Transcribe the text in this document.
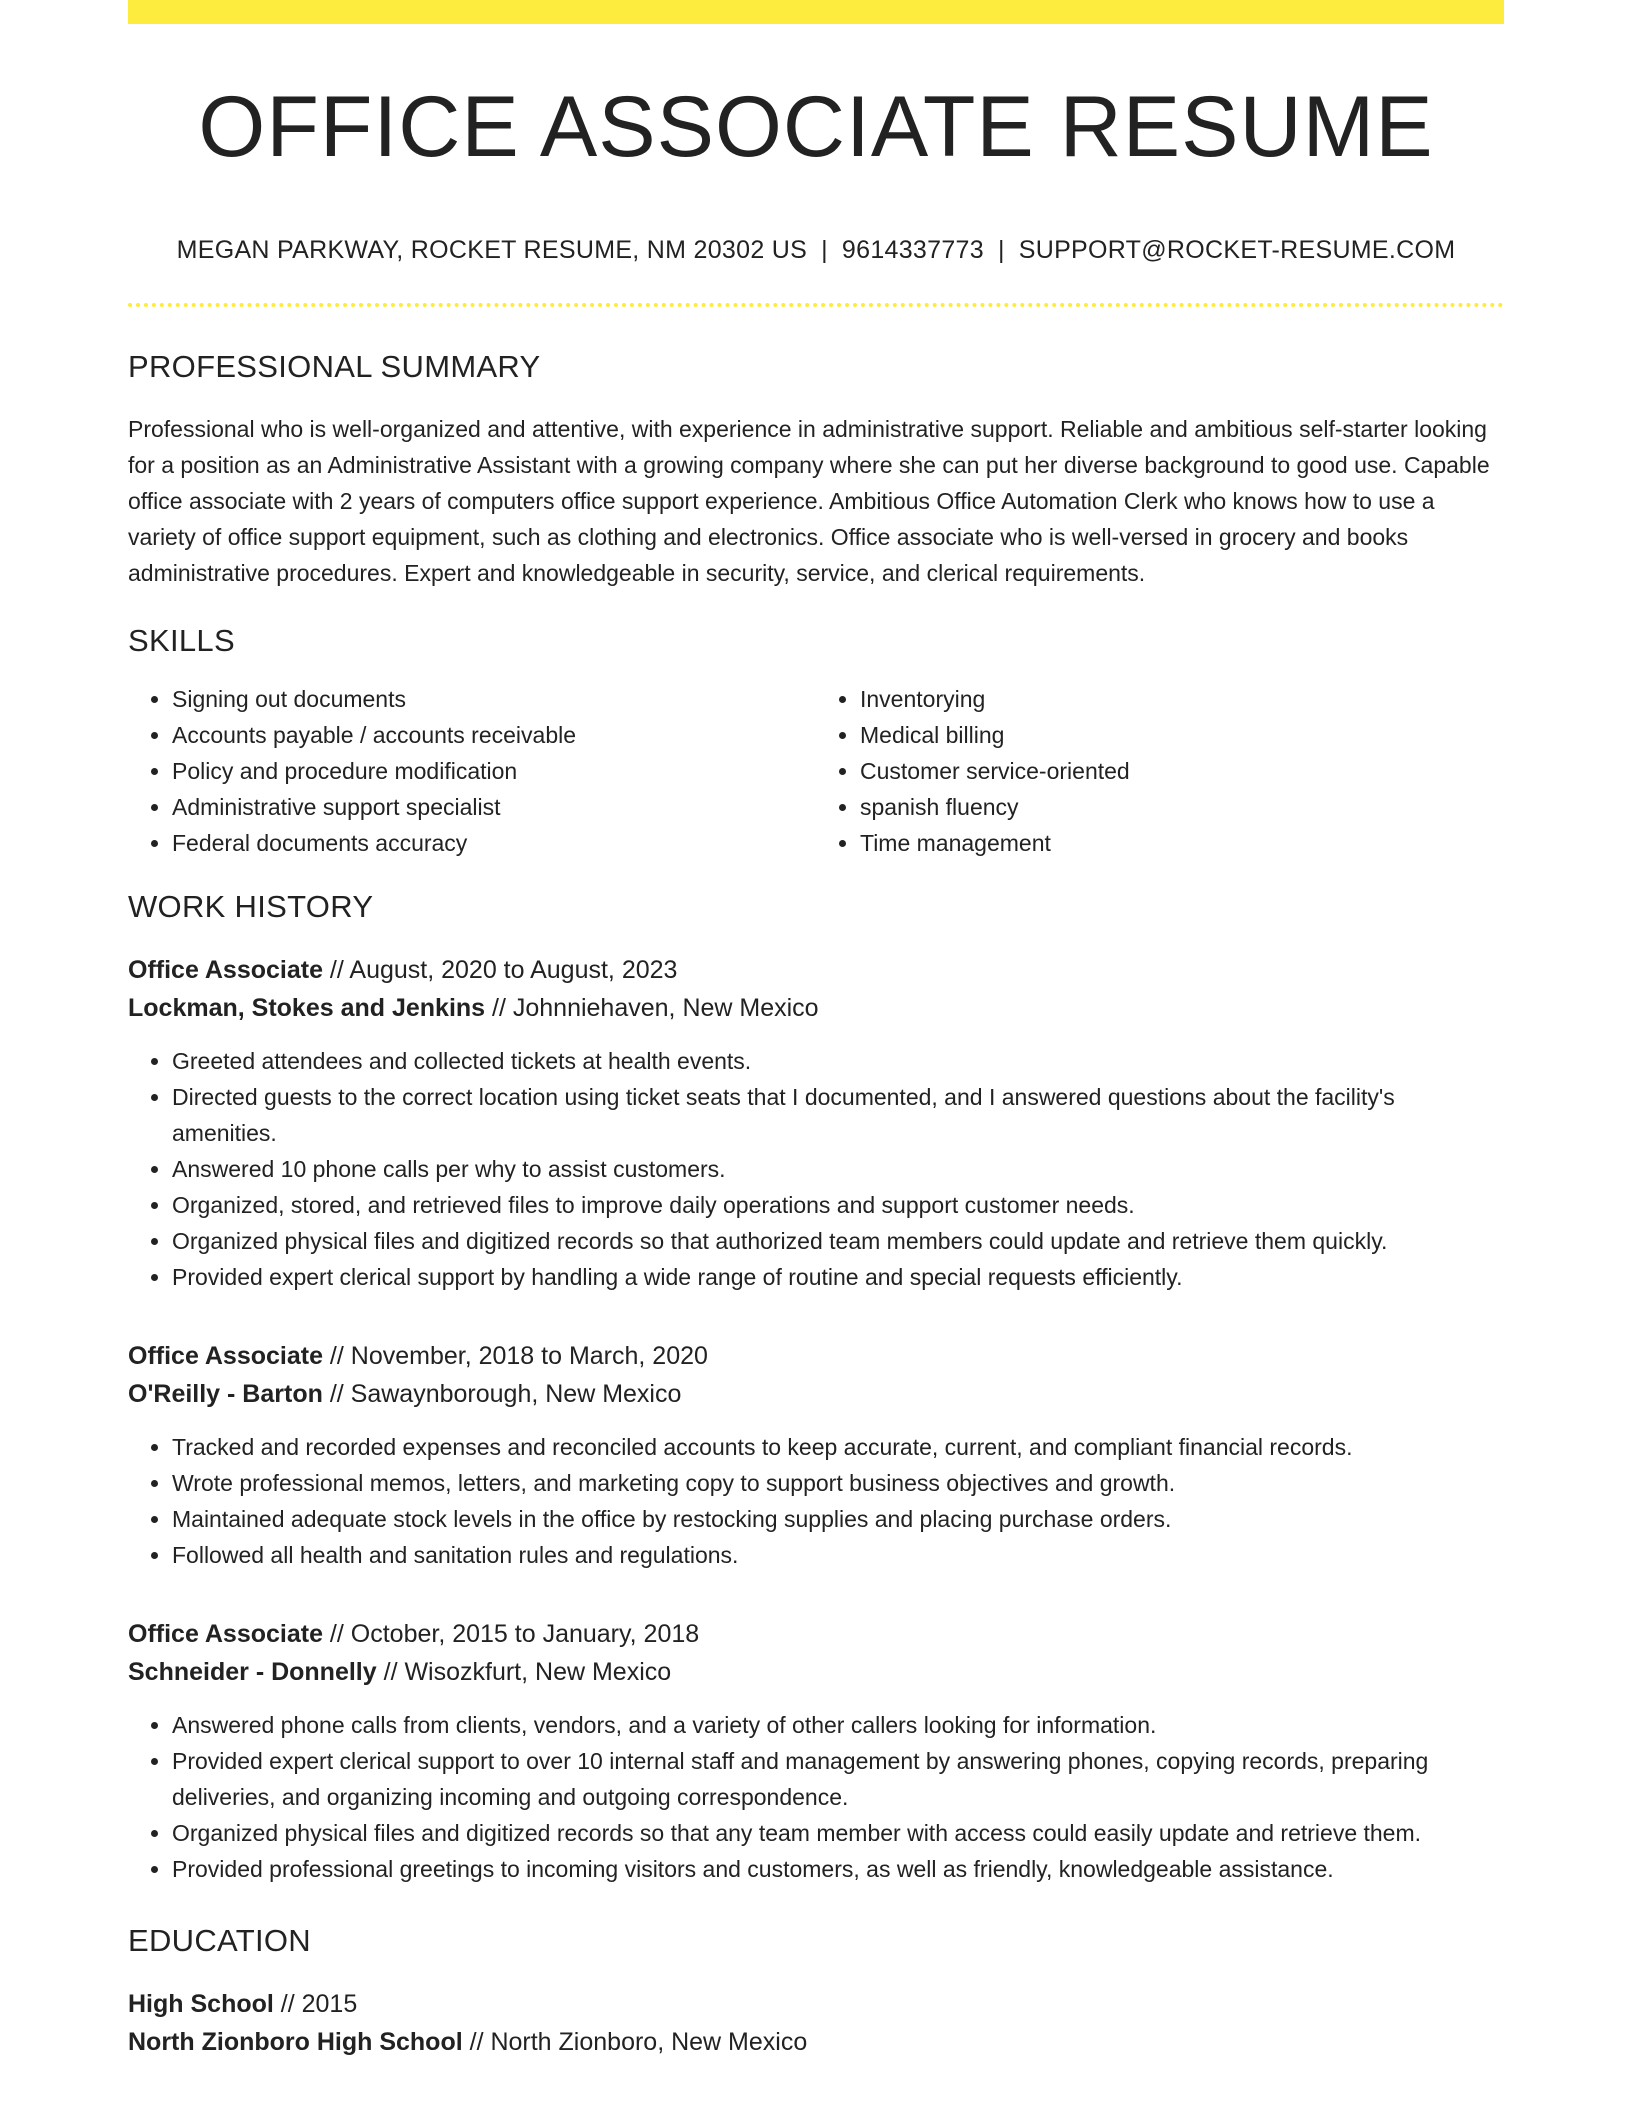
OFFICE ASSOCIATE RESUME
MEGAN PARKWAY, ROCKET RESUME, NM 20302 US | 9614337773 | SUPPORT@ROCKET-RESUME.COM
PROFESSIONAL SUMMARY

Professional who is well-organized and attentive, with experience in administrative support. Reliable and ambitious self-starter looking for a position as an Administrative Assistant with a growing company where she can put her diverse background to good use. Capable office associate with 2 years of computers office support experience. Ambitious Office Automation Clerk who knows how to use a variety of office support equipment, such as clothing and electronics. Office associate who is well-versed in grocery and books administrative procedures. Expert and knowledgeable in security, service, and clerical requirements.

SKILLS
• Signing out documents
• Accounts payable / accounts receivable
• Policy and procedure modification
• Administrative support specialist
• Federal documents accuracy
• Inventorying
• Medical billing
• Customer service-oriented
• spanish fluency
• Time management
WORK HISTORY
Office Associate // August, 2020 to August, 2023
Lockman, Stokes and Jenkins // Johnniehaven, New Mexico
• Greeted attendees and collected tickets at health events.
• Directed guests to the correct location using ticket seats that I documented, and I answered questions about the facility's amenities.
• Answered 10 phone calls per why to assist customers.
• Organized, stored, and retrieved files to improve daily operations and support customer needs.
• Organized physical files and digitized records so that authorized team members could update and retrieve them quickly.
• Provided expert clerical support by handling a wide range of routine and special requests efficiently.
Office Associate // November, 2018 to March, 2020
O'Reilly - Barton // Sawaynborough, New Mexico
• Tracked and recorded expenses and reconciled accounts to keep accurate, current, and compliant financial records.
• Wrote professional memos, letters, and marketing copy to support business objectives and growth.
• Maintained adequate stock levels in the office by restocking supplies and placing purchase orders.
• Followed all health and sanitation rules and regulations.
Office Associate // October, 2015 to January, 2018
Schneider - Donnelly // Wisozkfurt, New Mexico
• Answered phone calls from clients, vendors, and a variety of other callers looking for information.
• Provided expert clerical support to over 10 internal staff and management by answering phones, copying records, preparing deliveries, and organizing incoming and outgoing correspondence.
• Organized physical files and digitized records so that any team member with access could easily update and retrieve them.
• Provided professional greetings to incoming visitors and customers, as well as friendly, knowledgeable assistance.
EDUCATION
High School // 2015
North Zionboro High School // North Zionboro, New Mexico
